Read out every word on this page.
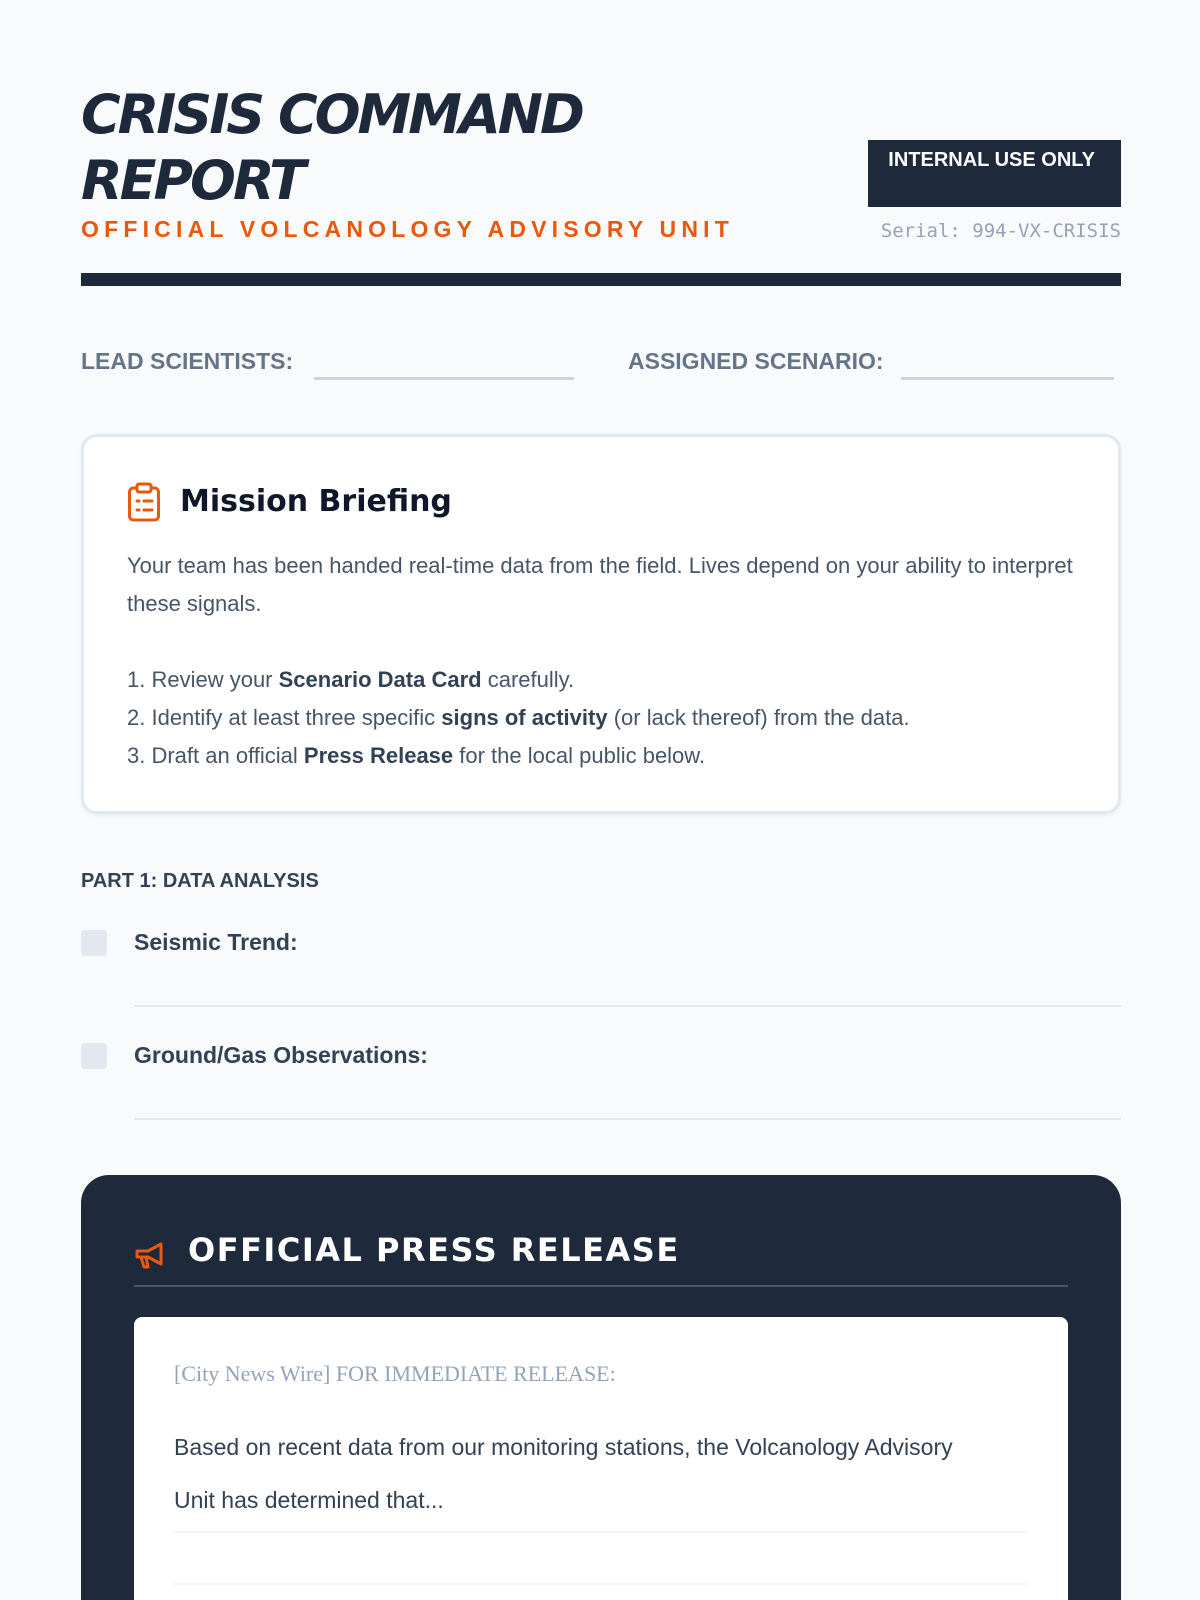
CRISIS COMMAND REPORT
OFFICIAL VOLCANOLOGY ADVISORY UNIT
INTERNAL USE ONLY
Serial: 994-VX-CRISIS
LEAD SCIENTISTS:	ASSIGNED SCENARIO:
Mission Briefing

Your team has been handed real-time data from the field. Lives depend on your ability to interpret these signals.

1. Review your Scenario Data Card carefully.
2. Identify at least three specific signs of activity (or lack thereof) from the data.
3. Draft an official Press Release for the local public below.
PART 1: DATA ANALYSIS
Seismic Trend:
Ground/Gas Observations:
OFFICIAL PRESS RELEASE
[City News Wire] FOR IMMEDIATE RELEASE:

Based on recent data from our monitoring stations, the Volcanology Advisory Unit has determined that...
